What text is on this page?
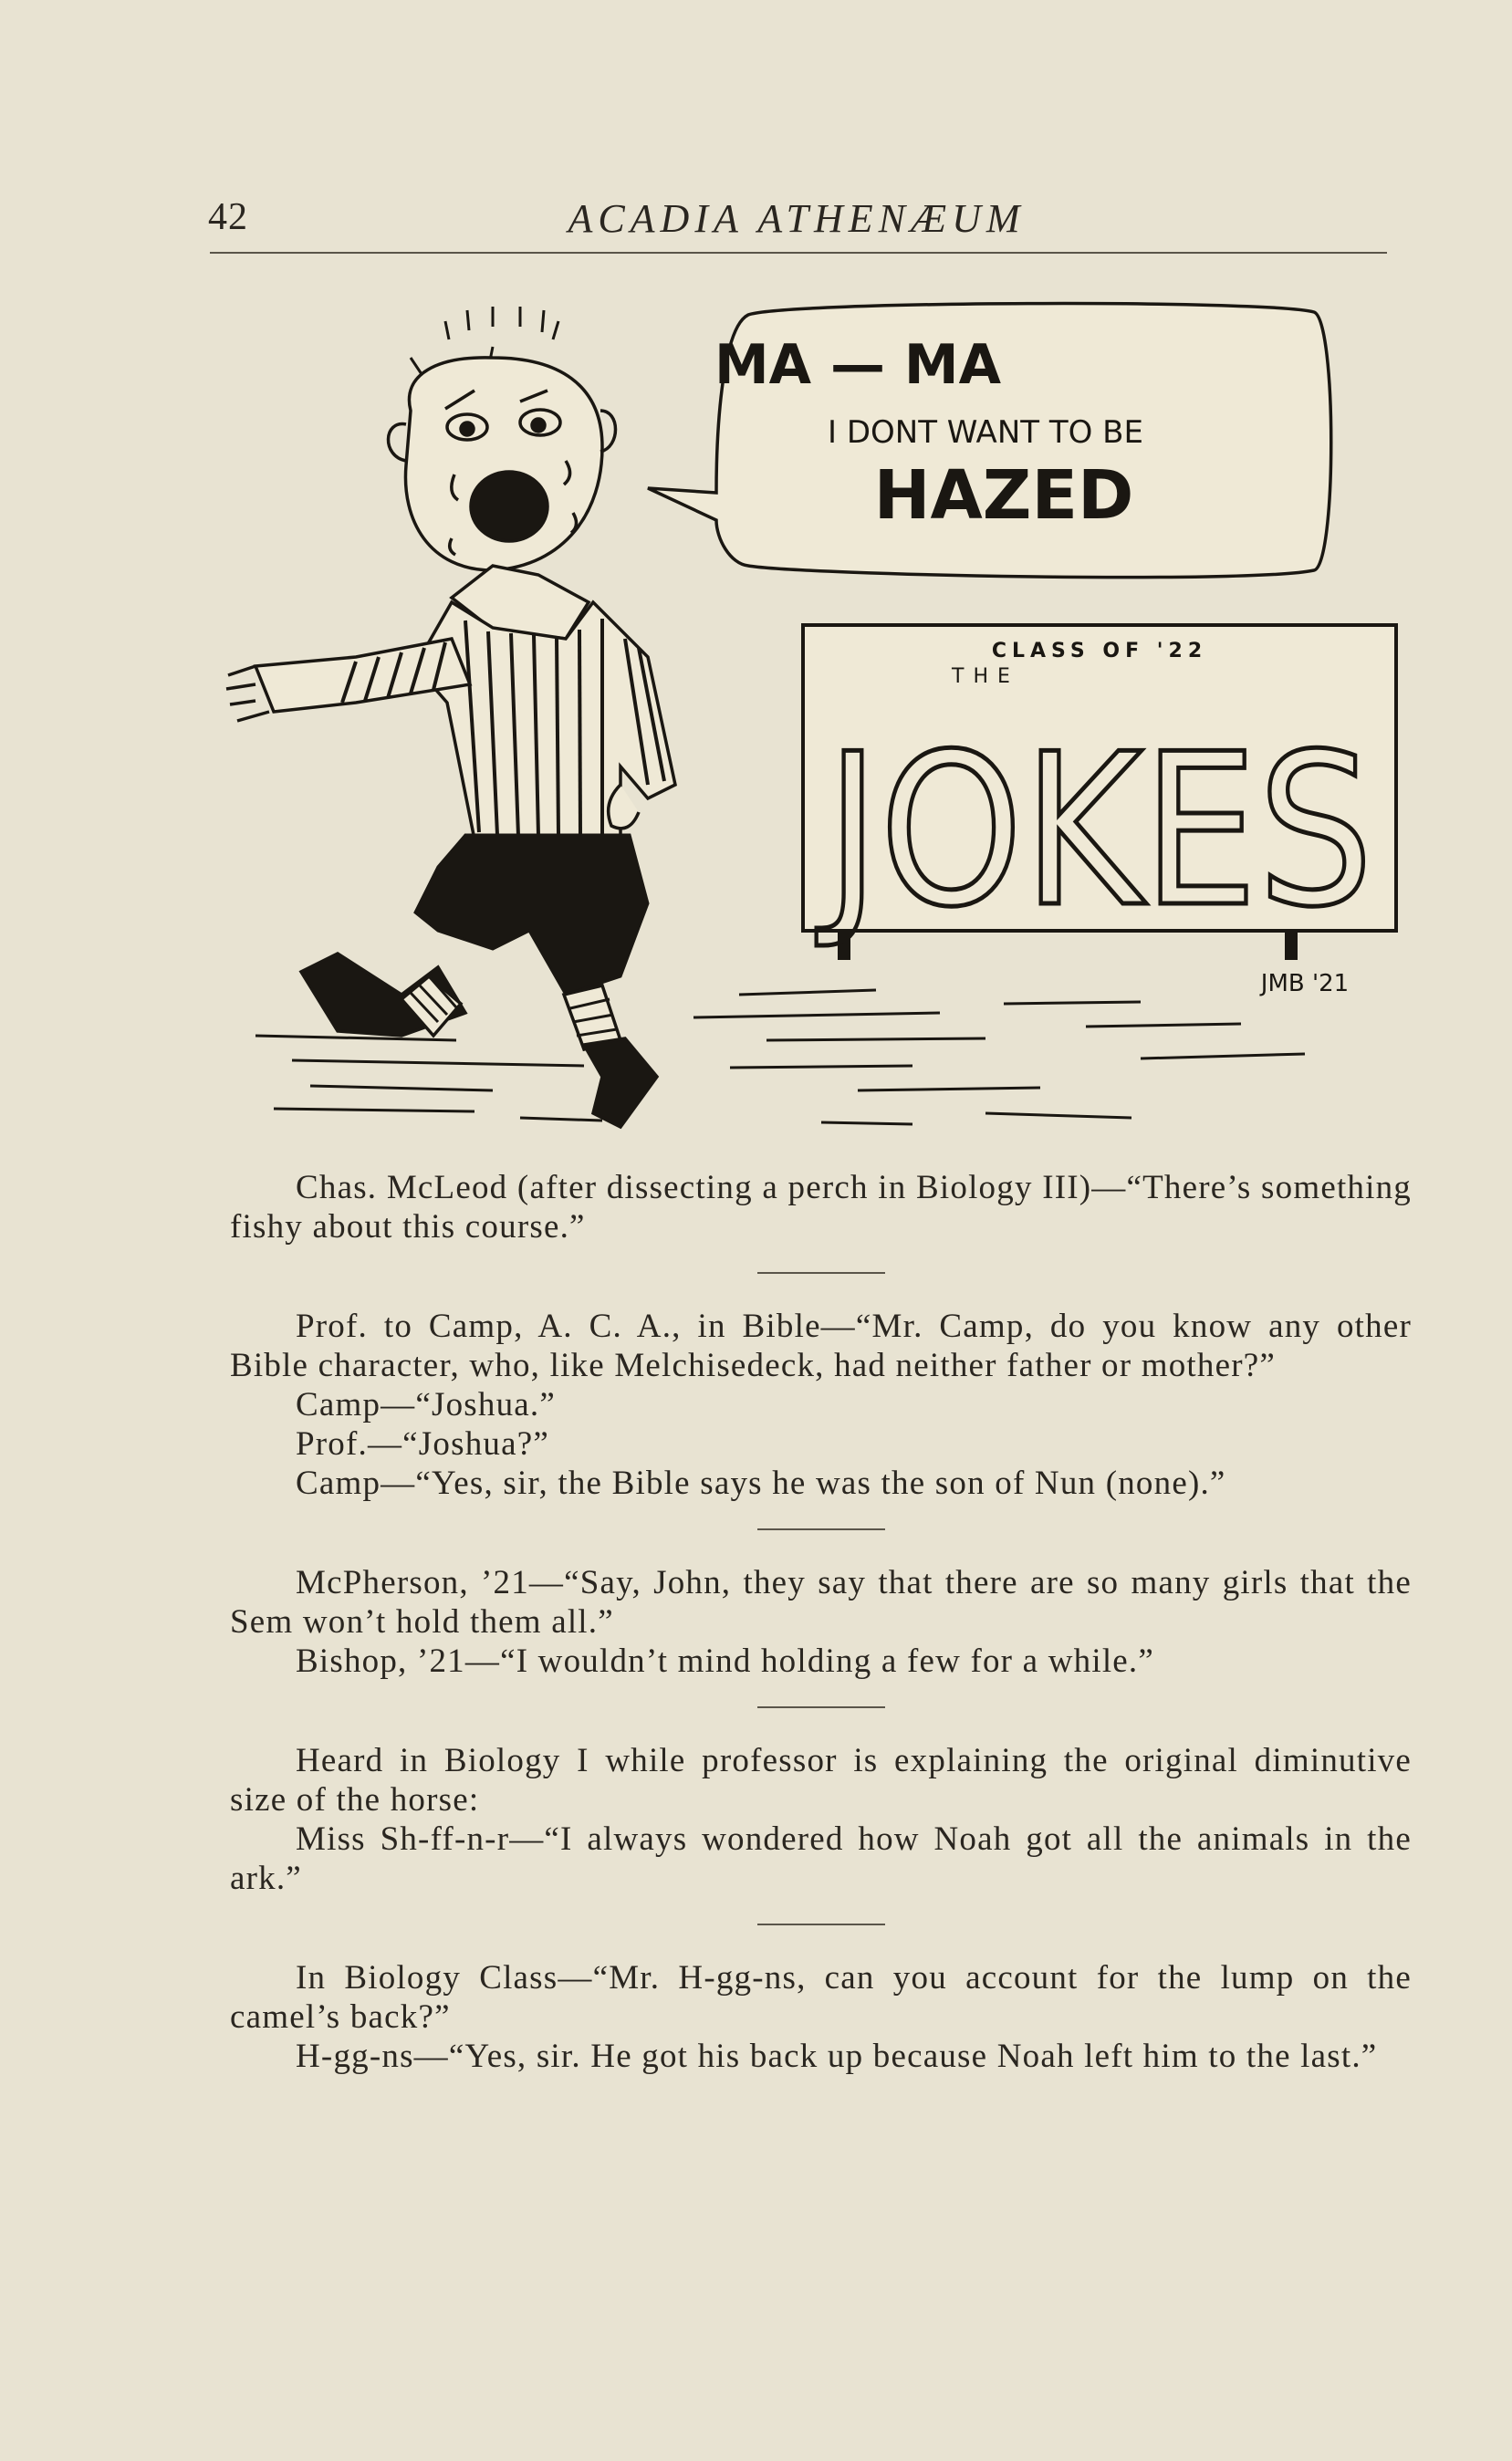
42	ACADIA ATHENÆUM
MA — MA
I DONT WANT TO BE
HAZED
CLASS OF '22
THE
JOKES
JMB '21

Chas. McLeod (after dissecting a perch in Biology III)—“There’s something fishy about this course.”

Prof. to Camp, A. C. A., in Bible—“Mr. Camp, do you know any other Bible character, who, like Melchisedeck, had neither father or mother?”

Camp—“Joshua.”

Prof.—“Joshua?”

Camp—“Yes, sir, the Bible says he was the son of Nun (none).”

McPherson, ’21—“Say, John, they say that there are so many girls that the Sem won’t hold them all.”

Bishop, ’21—“I wouldn’t mind holding a few for a while.”

Heard in Biology I while professor is explaining the original diminutive size of the horse:

Miss Sh-ff-n-r—“I always wondered how Noah got all the animals in the ark.”

In Biology Class—“Mr. H-gg-ns, can you account for the lump on the camel’s back?”

H-gg-ns—“Yes, sir. He got his back up because Noah left him to the last.”
